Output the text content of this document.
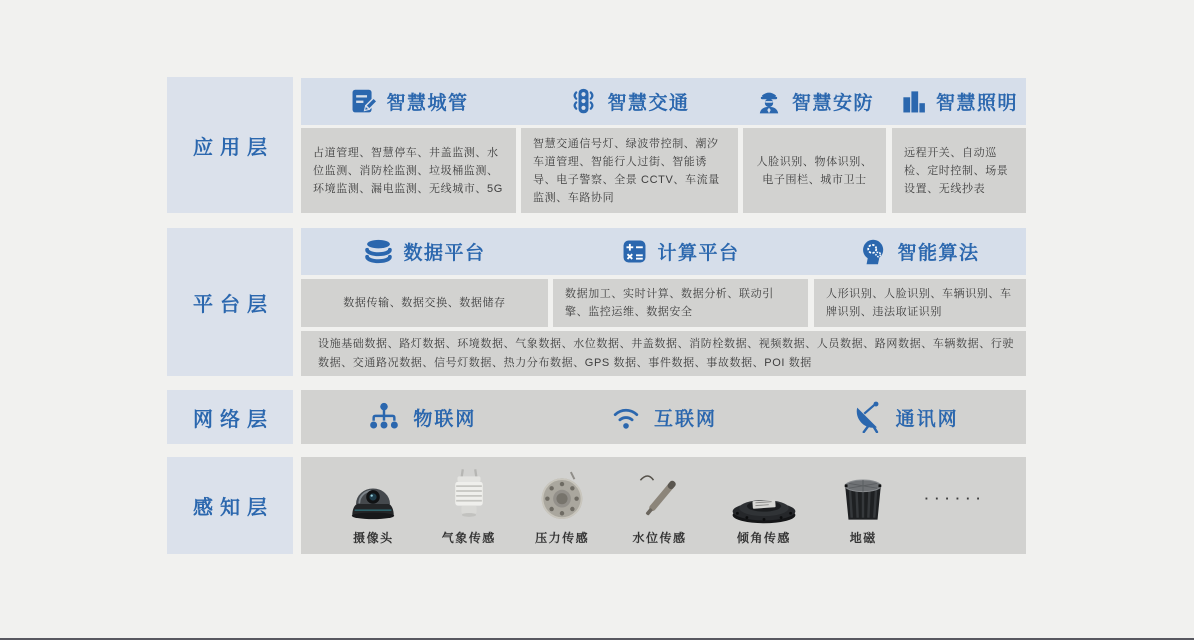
应用层
平台层
网络层
感知层
智慧城管	智慧交通	智慧安防	智慧照明
占道管理、智慧停车、井盖监测、水位监测、消防栓监测、垃圾桶监测、环境监测、漏电监测、无线城市、5G
智慧交通信号灯、绿波带控制、潮汐车道管理、智能行人过街、智能诱导、电子警察、全景 CCTV、车流量监测、车路协同
人脸识别、物体识别、电子围栏、城市卫士
远程开关、自动巡检、定时控制、场景设置、无线抄表
数据平台	计算平台	智能算法
数据传输、数据交换、数据储存
数据加工、实时计算、数据分析、联动引擎、监控运维、数据安全
人形识别、人脸识别、车辆识别、车牌识别、违法取证识别
设施基础数据、路灯数据、环境数据、气象数据、水位数据、井盖数据、消防栓数据、视频数据、人员数据、路网数据、车辆数据、行驶数据、交通路况数据、信号灯数据、热力分布数据、GPS 数据、事件数据、事故数据、POI 数据
物联网	互联网	通讯网
摄像头	气象传感	压力传感	水位传感	倾角传感	地磁
······
